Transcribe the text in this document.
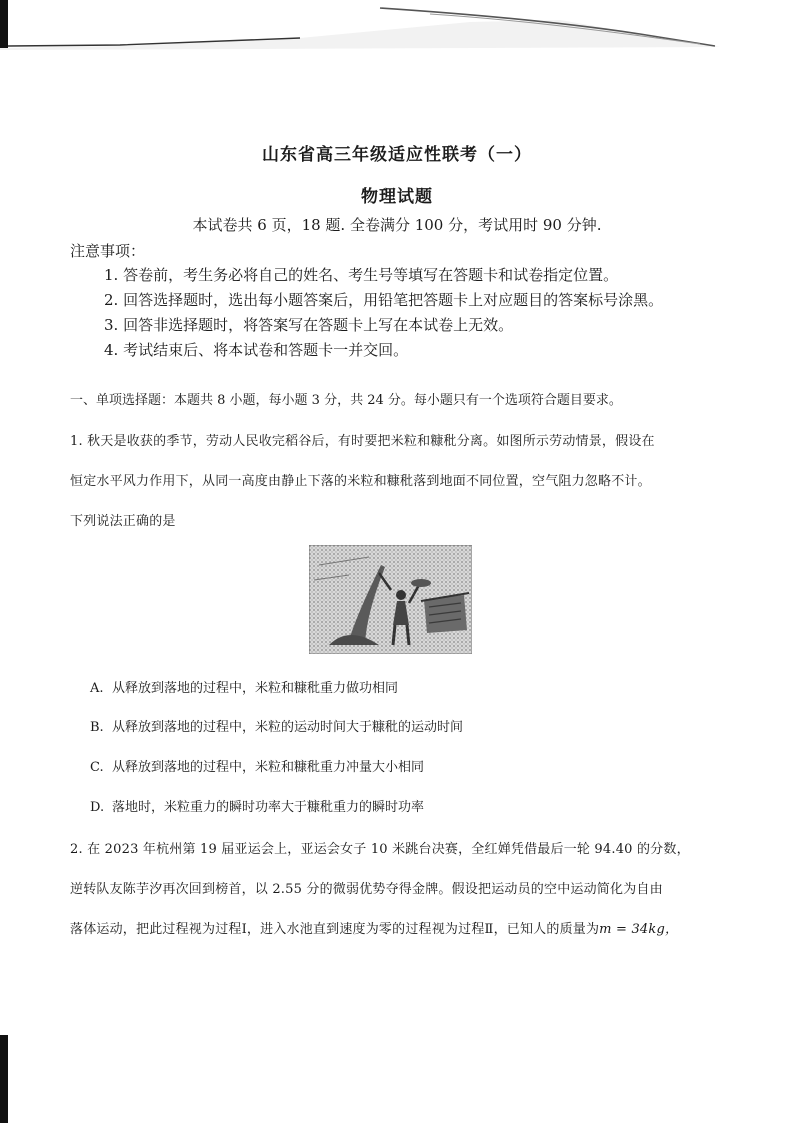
山东省高三年级适应性联考（一）
物理试题
本试卷共 6 页，18 题. 全卷满分 100 分，考试用时 90 分钟.
注意事项：
1. 答卷前，考生务必将自己的姓名、考生号等填写在答题卡和试卷指定位置。
2. 回答选择题时，选出每小题答案后，用铅笔把答题卡上对应题目的答案标号涂黑。
3. 回答非选择题时，将答案写在答题卡上写在本试卷上无效。
4. 考试结束后、将本试卷和答题卡一并交回。
一、单项选择题：本题共 8 小题，每小题 3 分，共 24 分。每小题只有一个选项符合题目要求。
1. 秋天是收获的季节，劳动人民收完稻谷后，有时要把米粒和糠秕分离。如图所示劳动情景，假设在
恒定水平风力作用下，从同一高度由静止下落的米粒和糠秕落到地面不同位置，空气阻力忽略不计。
下列说法正确的是
A. 从释放到落地的过程中，米粒和糠秕重力做功相同
B. 从释放到落地的过程中，米粒的运动时间大于糠秕的运动时间
C. 从释放到落地的过程中，米粒和糠秕重力冲量大小相同
D. 落地时，米粒重力的瞬时功率大于糠秕重力的瞬时功率
2. 在 2023 年杭州第 19 届亚运会上，亚运会女子 10 米跳台决赛，全红婵凭借最后一轮 94.40 的分数，
逆转队友陈芋汐再次回到榜首，以 2.55 分的微弱优势夺得金牌。假设把运动员的空中运动简化为自由
落体运动，把此过程视为过程Ⅰ，进入水池直到速度为零的过程视为过程Ⅱ，已知人的质量为m = 34kg，
